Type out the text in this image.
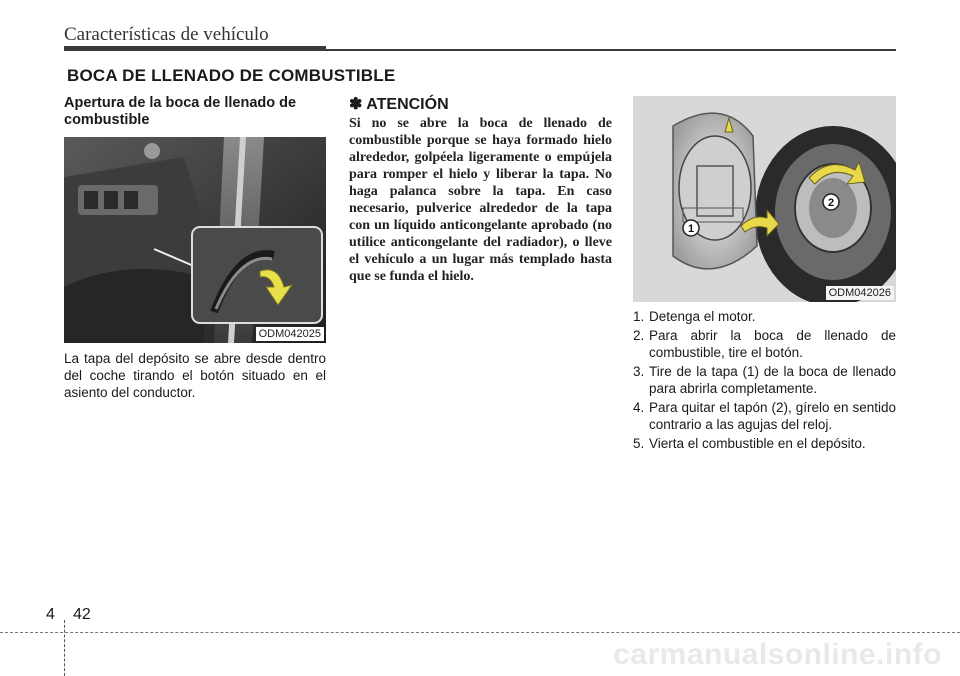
Características de vehículo
BOCA DE LLENADO DE COMBUSTIBLE
Apertura de la boca de llenado de combustible
ODM042025
La tapa del depósito se abre desde dentro del coche tirando el botón situado en el asiento del conductor.
✽ ATENCIÓN
Si no se abre la boca de llenado de combustible porque se haya formado hielo alrededor, golpéela ligeramente o empújela para romper el hielo y liberar la tapa. No haga palanca sobre la tapa. En caso necesario, pulverice alrededor de la tapa con un líquido anticongelante aprobado (no utilice anticongelante del radiador), o lleve el vehículo a un lugar más templado hasta que se funda el hielo.
1
2
ODM042026
1. Detenga el motor.
2. Para abrir la boca de llenado de combustible, tire el botón.
3. Tire de la tapa (1) de la boca de llenado para abrirla completamente.
4. Para quitar el tapón (2), gírelo en sentido contrario a las agujas del reloj.
5. Vierta el combustible en el depósito.
4 42
carmanualsonline.info
